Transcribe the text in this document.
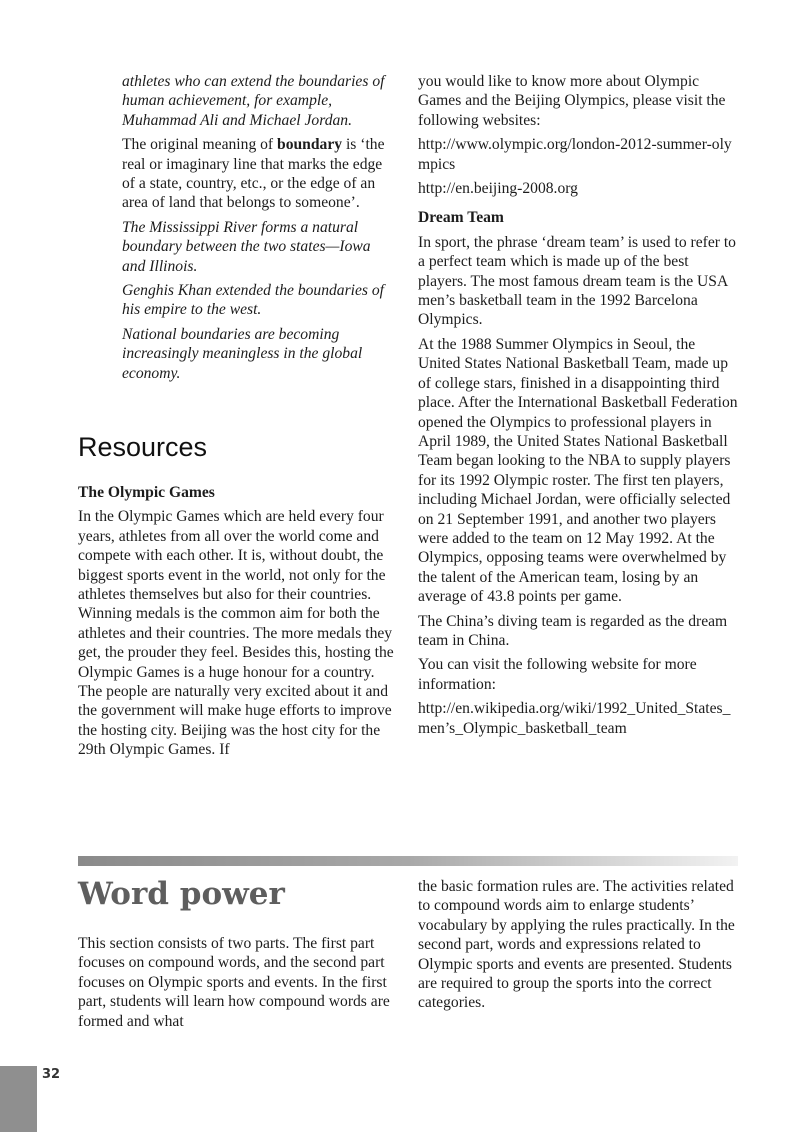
athletes who can extend the boundaries of human achievement, for example, Muhammad Ali and Michael Jordan.

The original meaning of boundary is ‘the real or imaginary line that marks the edge of a state, country, etc., or the edge of an area of land that belongs to someone’.

The Mississippi River forms a natural boundary between the two states—Iowa and Illinois.

Genghis Khan extended the boundaries of his empire to the west.

National boundaries are becoming increasingly meaningless in the global economy.

Resources

The Olympic Games

In the Olympic Games which are held every four years, athletes from all over the world come and compete with each other. It is, without doubt, the biggest sports event in the world, not only for the athletes themselves but also for their countries. Winning medals is the common aim for both the athletes and their countries. The more medals they get, the prouder they feel. Besides this, hosting the Olympic Games is a huge honour for a country. The people are naturally very excited about it and the government will make huge efforts to improve the hosting city. Beijing was the host city for the 29th Olympic Games. If

you would like to know more about Olympic Games and the Beijing Olympics, please visit the following websites:

http://www.olympic.org/london-2012-summer-olympics

http://en.beijing-2008.org

Dream Team

In sport, the phrase ‘dream team’ is used to refer to a perfect team which is made up of the best players. The most famous dream team is the USA men’s basketball team in the 1992 Barcelona Olympics.

At the 1988 Summer Olympics in Seoul, the United States National Basketball Team, made up of college stars, finished in a disappointing third place. After the International Basketball Federation opened the Olympics to professional players in April 1989, the United States National Basketball Team began looking to the NBA to supply players for its 1992 Olympic roster. The first ten players, including Michael Jordan, were officially selected on 21 September 1991, and another two players were added to the team on 12 May 1992. At the Olympics, opposing teams were overwhelmed by the talent of the American team, losing by an average of 43.8 points per game.

The China’s diving team is regarded as the dream team in China.

You can visit the following website for more information:

http://en.wikipedia.org/wiki/1992_United_States_men’s_Olympic_basketball_team

Word power

This section consists of two parts. The first part focuses on compound words, and the second part focuses on Olympic sports and events. In the first part, students will learn how compound words are formed and what

the basic formation rules are. The activities related to compound words aim to enlarge students’ vocabulary by applying the rules practically. In the second part, words and expressions related to Olympic sports and events are presented. Students are required to group the sports into the correct categories.

32
